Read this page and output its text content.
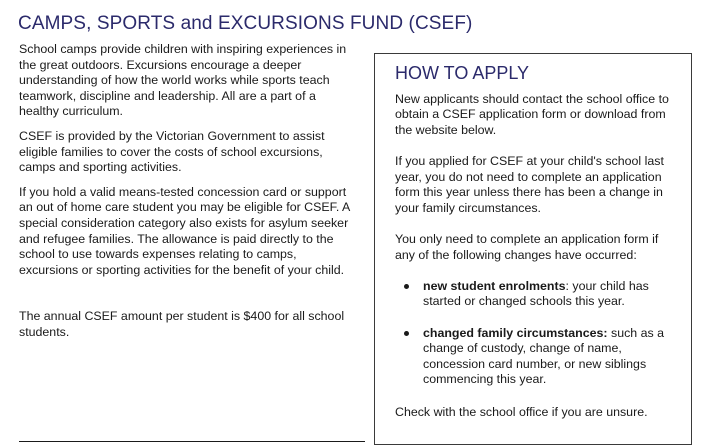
CAMPS, SPORTS and EXCURSIONS FUND (CSEF)

School camps provide children with inspiring experiences in the great outdoors. Excursions encourage a deeper understanding of how the world works while sports teach teamwork, discipline and leadership. All are a part of a healthy curriculum.

CSEF is provided by the Victorian Government to assist eligible families to cover the costs of school excursions, camps and sporting activities.

If you hold a valid means-tested concession card or support an out of home care student you may be eligible for CSEF. A special consideration category also exists for asylum seeker and refugee families. The allowance is paid directly to the school to use towards expenses relating to camps, excursions or sporting activities for the benefit of your child.

The annual CSEF amount per student is $400 for all school students.

HOW TO APPLY

New applicants should contact the school office to obtain a CSEF application form or download from the website below.

If you applied for CSEF at your child's school last year, you do not need to complete an application form this year unless there has been a change in your family circumstances.

You only need to complete an application form if any of the following changes have occurred:

new student enrolments: your child has started or changed schools this year.
changed family circumstances: such as a change of custody, change of name, concession card number, or new siblings commencing this year.

Check with the school office if you are unsure.
